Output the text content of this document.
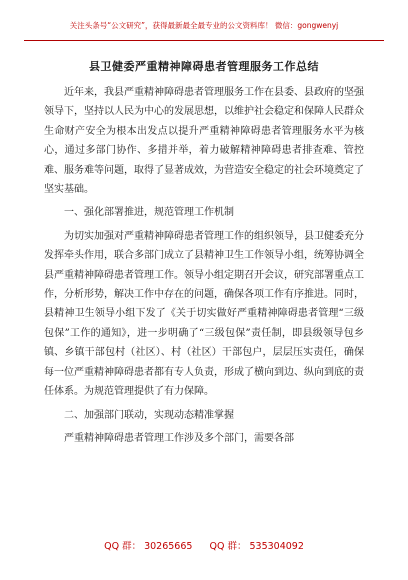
关注头条号“公文研究”，获得最新最全最专业的公文资料库！ 微信：gongwenyj
县卫健委严重精神障碍患者管理服务工作总结

近年来，我县严重精神障碍患者管理服务工作在县委、县政府的坚强领导下，坚持以人民为中心的发展思想，以维护社会稳定和保障人民群众生命财产安全为根本出发点以提升严重精神障碍患者管理服务水平为核心，通过多部门协作、多措并举，着力破解精神障碍患者排查难、管控难、服务难等问题，取得了显著成效，为营造安全稳定的社会环境奠定了坚实基础。

一、强化部署推进，规范管理工作机制

为切实加强对严重精神障碍患者管理工作的组织领导，县卫健委充分发挥牵头作用，联合多部门成立了县精神卫生工作领导小组，统筹协调全县严重精神障碍患者管理工作。领导小组定期召开会议，研究部署重点工作，分析形势，解决工作中存在的问题，确保各项工作有序推进。同时，县精神卫生领导小组下发了《关于切实做好严重精神障碍患者管理“三级包保”工作的通知》，进一步明确了“三级包保”责任制，即县级领导包乡镇、乡镇干部包村（社区）、村（社区）干部包户，层层压实责任，确保每一位严重精神障碍患者都有专人负责，形成了横向到边、纵向到底的责任体系。为规范管理提供了有力保障。

二、加强部门联动，实现动态精准掌握

严重精神障碍患者管理工作涉及多个部门，需要各部

QQ 群： 30265665 QQ 群： 535304092
